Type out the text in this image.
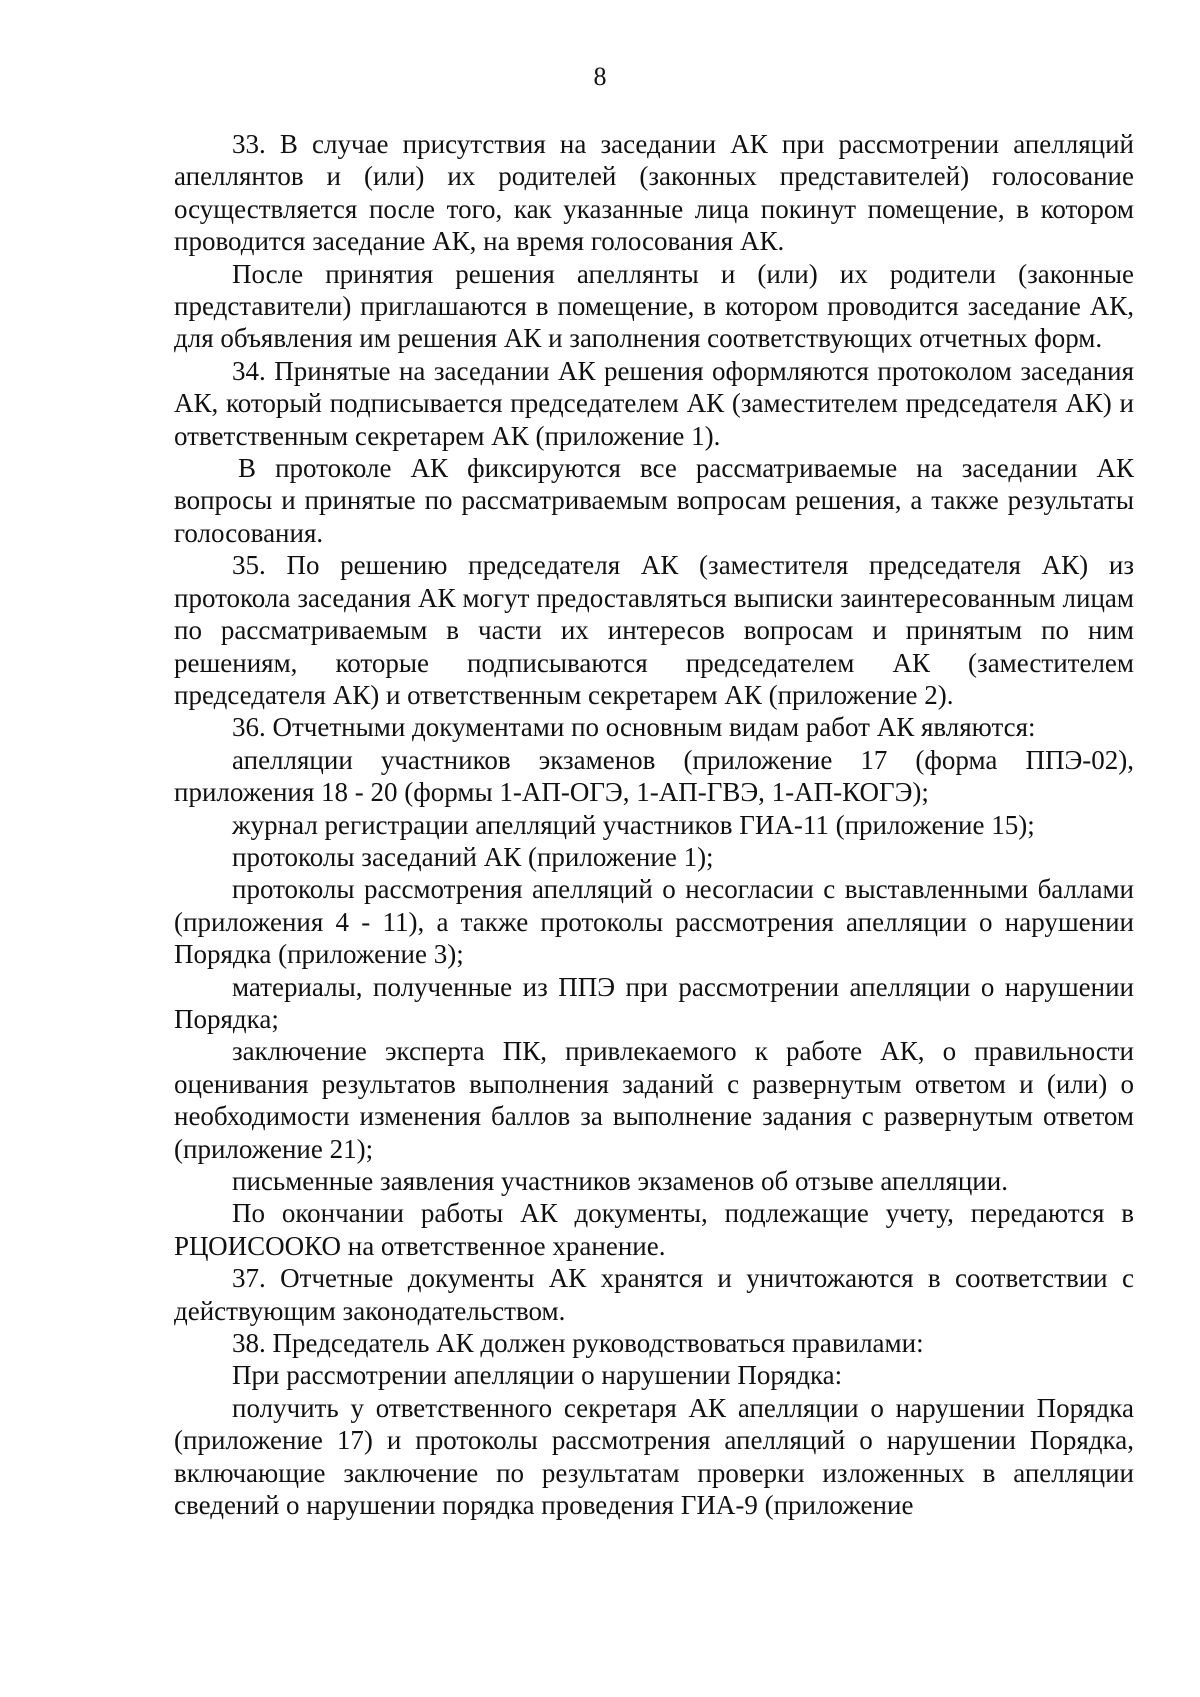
8

33. В случае присутствия на заседании АК при рассмотрении апелляций апеллянтов и (или) их родителей (законных представителей) голосование осуществляется после того, как указанные лица покинут помещение, в котором проводится заседание АК, на время голосования АК.

После принятия решения апеллянты и (или) их родители (законные представители) приглашаются в помещение, в котором проводится заседание АК, для объявления им решения АК и заполнения соответствующих отчетных форм.

34. Принятые на заседании АК решения оформляются протоколом заседания АК, который подписывается председателем АК (заместителем председателя АК) и ответственным секретарем АК (приложение 1).

В протоколе АК фиксируются все рассматриваемые на заседании АК вопросы и принятые по рассматриваемым вопросам решения, а также результаты голосования.

35. По решению председателя АК (заместителя председателя АК) из протокола заседания АК могут предоставляться выписки заинтересованным лицам по рассматриваемым в части их интересов вопросам и принятым по ним решениям, которые подписываются председателем АК (заместителем председателя АК) и ответственным секретарем АК (приложение 2).

36. Отчетными документами по основным видам работ АК являются:

апелляции участников экзаменов (приложение 17 (форма ППЭ-02), приложения 18 - 20 (формы 1-АП-ОГЭ, 1-АП-ГВЭ, 1-АП-КОГЭ);

журнал регистрации апелляций участников ГИА-11 (приложение 15);

протоколы заседаний АК (приложение 1);

протоколы рассмотрения апелляций о несогласии с выставленными баллами (приложения 4 - 11), а также протоколы рассмотрения апелляции о нарушении Порядка (приложение 3);

материалы, полученные из ППЭ при рассмотрении апелляции о нарушении Порядка;

заключение эксперта ПК, привлекаемого к работе АК, о правильности оценивания результатов выполнения заданий с развернутым ответом и (или) о необходимости изменения баллов за выполнение задания с развернутым ответом (приложение 21);

письменные заявления участников экзаменов об отзыве апелляции.

По окончании работы АК документы, подлежащие учету, передаются в РЦОИСООКО на ответственное хранение.

37. Отчетные документы АК хранятся и уничтожаются в соответствии с действующим законодательством.

38. Председатель АК должен руководствоваться правилами:

При рассмотрении апелляции о нарушении Порядка:

получить у ответственного секретаря АК апелляции о нарушении Порядка (приложение 17) и протоколы рассмотрения апелляций о нарушении Порядка, включающие заключение по результатам проверки изложенных в апелляции сведений о нарушении порядка проведения ГИА-9 (приложение
